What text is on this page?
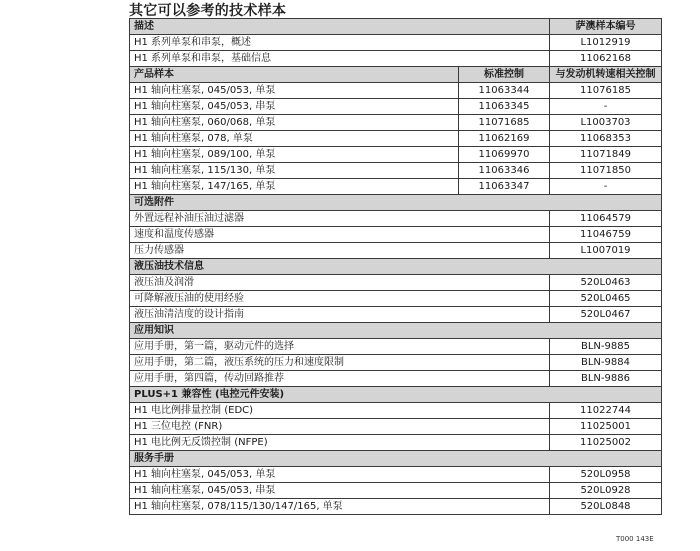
其它可以参考的技术样本
描述		萨澳样本编号
H1 系列单泵和串泵，概述		L1012919
H1 系列单泵和串泵，基础信息		11062168
产品样本	标准控制	与发动机转速相关控制
H1 轴向柱塞泵, 045/053, 单泵	11063344	11076185
H1 轴向柱塞泵, 045/053, 串泵	11063345	-
H1 轴向柱塞泵, 060/068, 单泵	11071685	L1003703
H1 轴向柱塞泵, 078, 单泵	11062169	11068353
H1 轴向柱塞泵, 089/100, 单泵	11069970	11071849
H1 轴向柱塞泵, 115/130, 单泵	11063346	11071850
H1 轴向柱塞泵, 147/165, 单泵	11063347	-
可选附件		
外置远程补油压油过滤器		11064579
速度和温度传感器		11046759
压力传感器		L1007019
液压油技术信息		
液压油及润滑		520L0463
可降解液压油的使用经验		520L0465
液压油清洁度的设计指南		520L0467
应用知识		
应用手册，第一篇，驱动元件的选择		BLN-9885
应用手册，第二篇，液压系统的压力和速度限制		BLN-9884
应用手册，第四篇，传动回路推荐		BLN-9886
PLUS+1 兼容性 (电控元件安装)		
H1 电比例排量控制 (EDC)		11022744
H1 三位电控 (FNR)		11025001
H1 电比例无反馈控制 (NFPE)		11025002
服务手册		
H1 轴向柱塞泵, 045/053, 单泵		520L0958
H1 轴向柱塞泵, 045/053, 串泵		520L0928
H1 轴向柱塞泵, 078/115/130/147/165, 单泵		520L0848
T000 143E
